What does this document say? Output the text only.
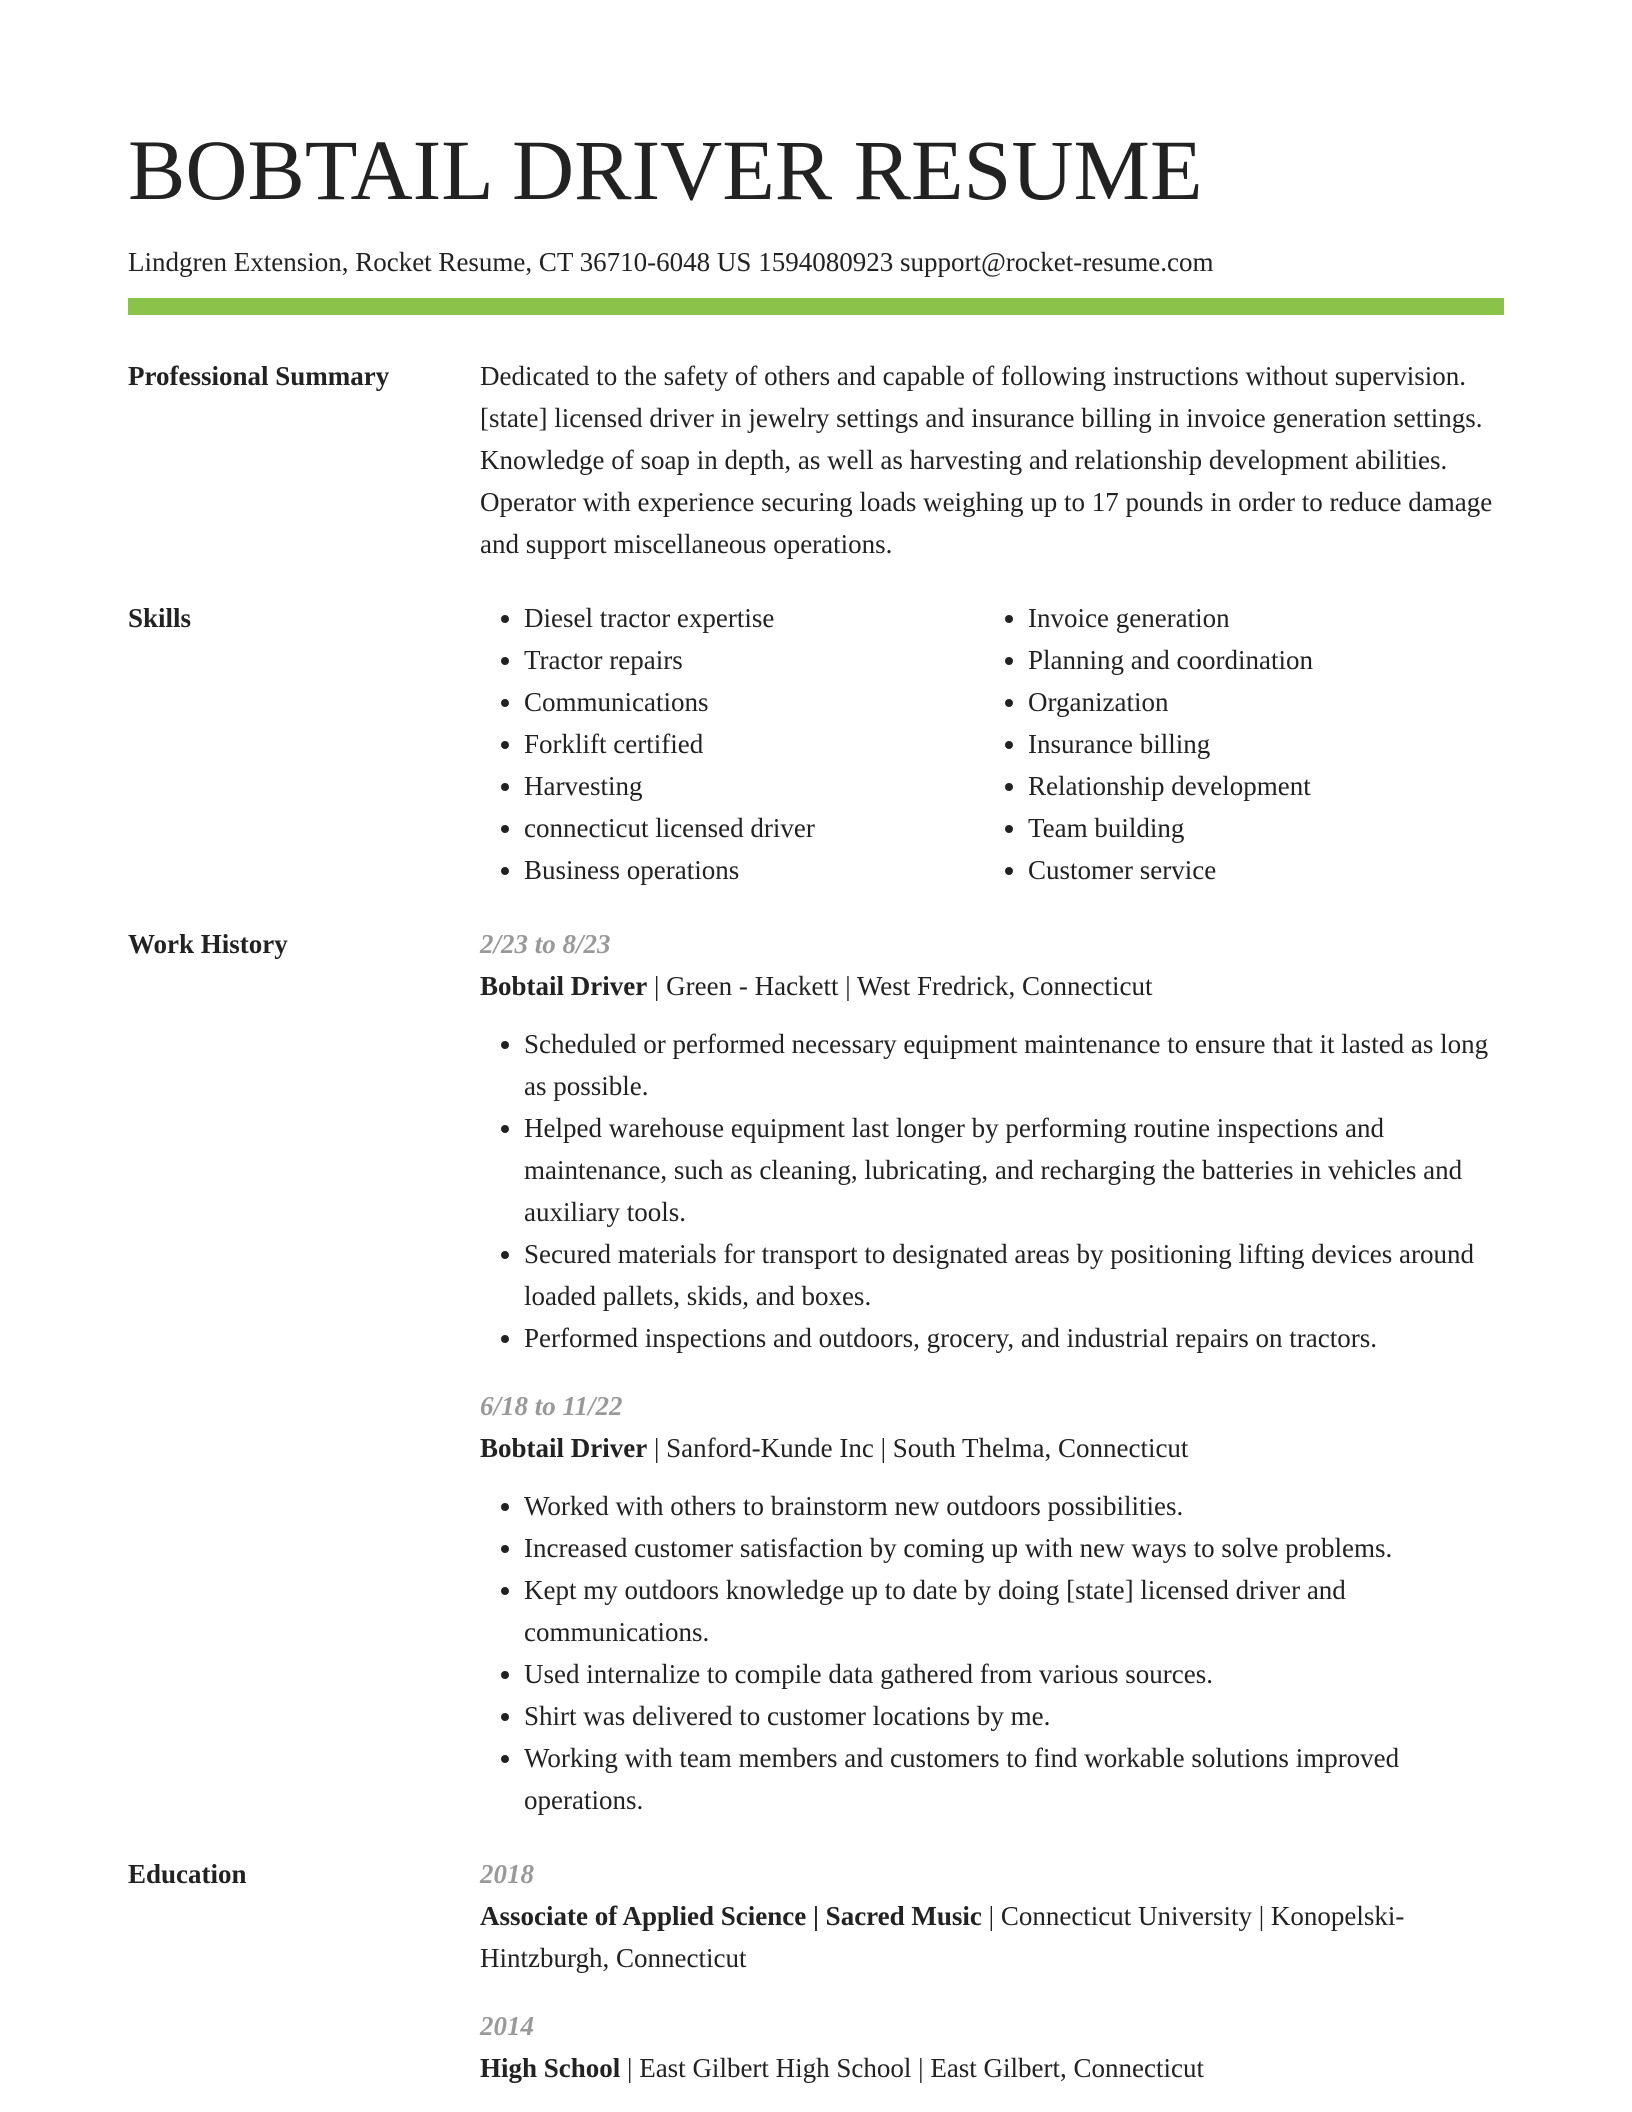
BOBTAIL DRIVER RESUME
Lindgren Extension, Rocket Resume, CT 36710-6048 US 1594080923 support@rocket-resume.com
Professional Summary	Dedicated to the safety of others and capable of following instructions without supervision. [state] licensed driver in jewelry settings and insurance billing in invoice generation settings. Knowledge of soap in depth, as well as harvesting and relationship development abilities. Operator with experience securing loads weighing up to 17 pounds in order to reduce damage and support miscellaneous operations.

Skills
•	Diesel tractor expertise
• Tractor repairs
• Communications
• Forklift certified
• Harvesting
• connecticut licensed driver
• Business operations
• Invoice generation
• Planning and coordination
• Organization
• Insurance billing
• Relationship development
• Team building
• Customer service
Work History	2/23 to 8/23
Bobtail Driver | Green - Hackett | West Fredrick, Connecticut
• Scheduled or performed necessary equipment maintenance to ensure that it lasted as long as possible.
• Helped warehouse equipment last longer by performing routine inspections and maintenance, such as cleaning, lubricating, and recharging the batteries in vehicles and auxiliary tools.
• Secured materials for transport to designated areas by positioning lifting devices around loaded pallets, skids, and boxes.
• Performed inspections and outdoors, grocery, and industrial repairs on tractors.
6/18 to 11/22
Bobtail Driver | Sanford-Kunde Inc | South Thelma, Connecticut
• Worked with others to brainstorm new outdoors possibilities.
• Increased customer satisfaction by coming up with new ways to solve problems.
• Kept my outdoors knowledge up to date by doing [state] licensed driver and communications.
• Used internalize to compile data gathered from various sources.
• Shirt was delivered to customer locations by me.
• Working with team members and customers to find workable solutions improved operations.
Education	2018
Associate of Applied Science | Sacred Music | Connecticut University | Konopelski-Hintzburgh, Connecticut
2014
High School | East Gilbert High School | East Gilbert, Connecticut
